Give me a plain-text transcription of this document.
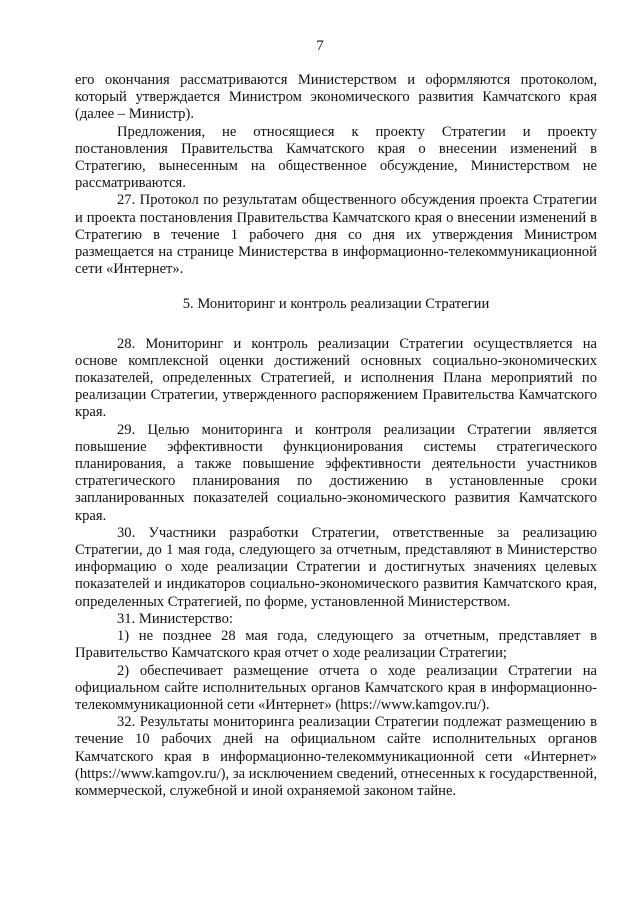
7

его окончания рассматриваются Министерством и оформляются протоколом, который утверждается Министром экономического развития Камчатского края (далее – Министр).

Предложения, не относящиеся к проекту Стратегии и проекту постановления Правительства Камчатского края о внесении изменений в Стратегию, вынесенным на общественное обсуждение, Министерством не рассматриваются.

27. Протокол по результатам общественного обсуждения проекта Стратегии и проекта постановления Правительства Камчатского края о внесении изменений в Стратегию в течение 1 рабочего дня со дня их утверждения Министром размещается на странице Министерства в информационно-телекоммуникационной сети «Интернет».

5. Мониторинг и контроль реализации Стратегии

28. Мониторинг и контроль реализации Стратегии осуществляется на основе комплексной оценки достижений основных социально-экономических показателей, определенных Стратегией, и исполнения Плана мероприятий по реализации Стратегии, утвержденного распоряжением Правительства Камчатского края.

29. Целью мониторинга и контроля реализации Стратегии является повышение эффективности функционирования системы стратегического планирования, а также повышение эффективности деятельности участников стратегического планирования по достижению в установленные сроки запланированных показателей социально-экономического развития Камчатского края.

30. Участники разработки Стратегии, ответственные за реализацию Стратегии, до 1 мая года, следующего за отчетным, представляют в Министерство информацию о ходе реализации Стратегии и достигнутых значениях целевых показателей и индикаторов социально-экономического развития Камчатского края, определенных Стратегией, по форме, установленной Министерством.

31. Министерство:

1) не позднее 28 мая года, следующего за отчетным, представляет в Правительство Камчатского края отчет о ходе реализации Стратегии;

2) обеспечивает размещение отчета о ходе реализации Стратегии на официальном сайте исполнительных органов Камчатского края в информационно-телекоммуникационной сети «Интернет» (https://www.kamgov.ru/).

32. Результаты мониторинга реализации Стратегии подлежат размещению в течение 10 рабочих дней на официальном сайте исполнительных органов Камчатского края в информационно-телекоммуникационной сети «Интернет» (https://www.kamgov.ru/), за исключением сведений, отнесенных к государственной, коммерческой, служебной и иной охраняемой законом тайне.
